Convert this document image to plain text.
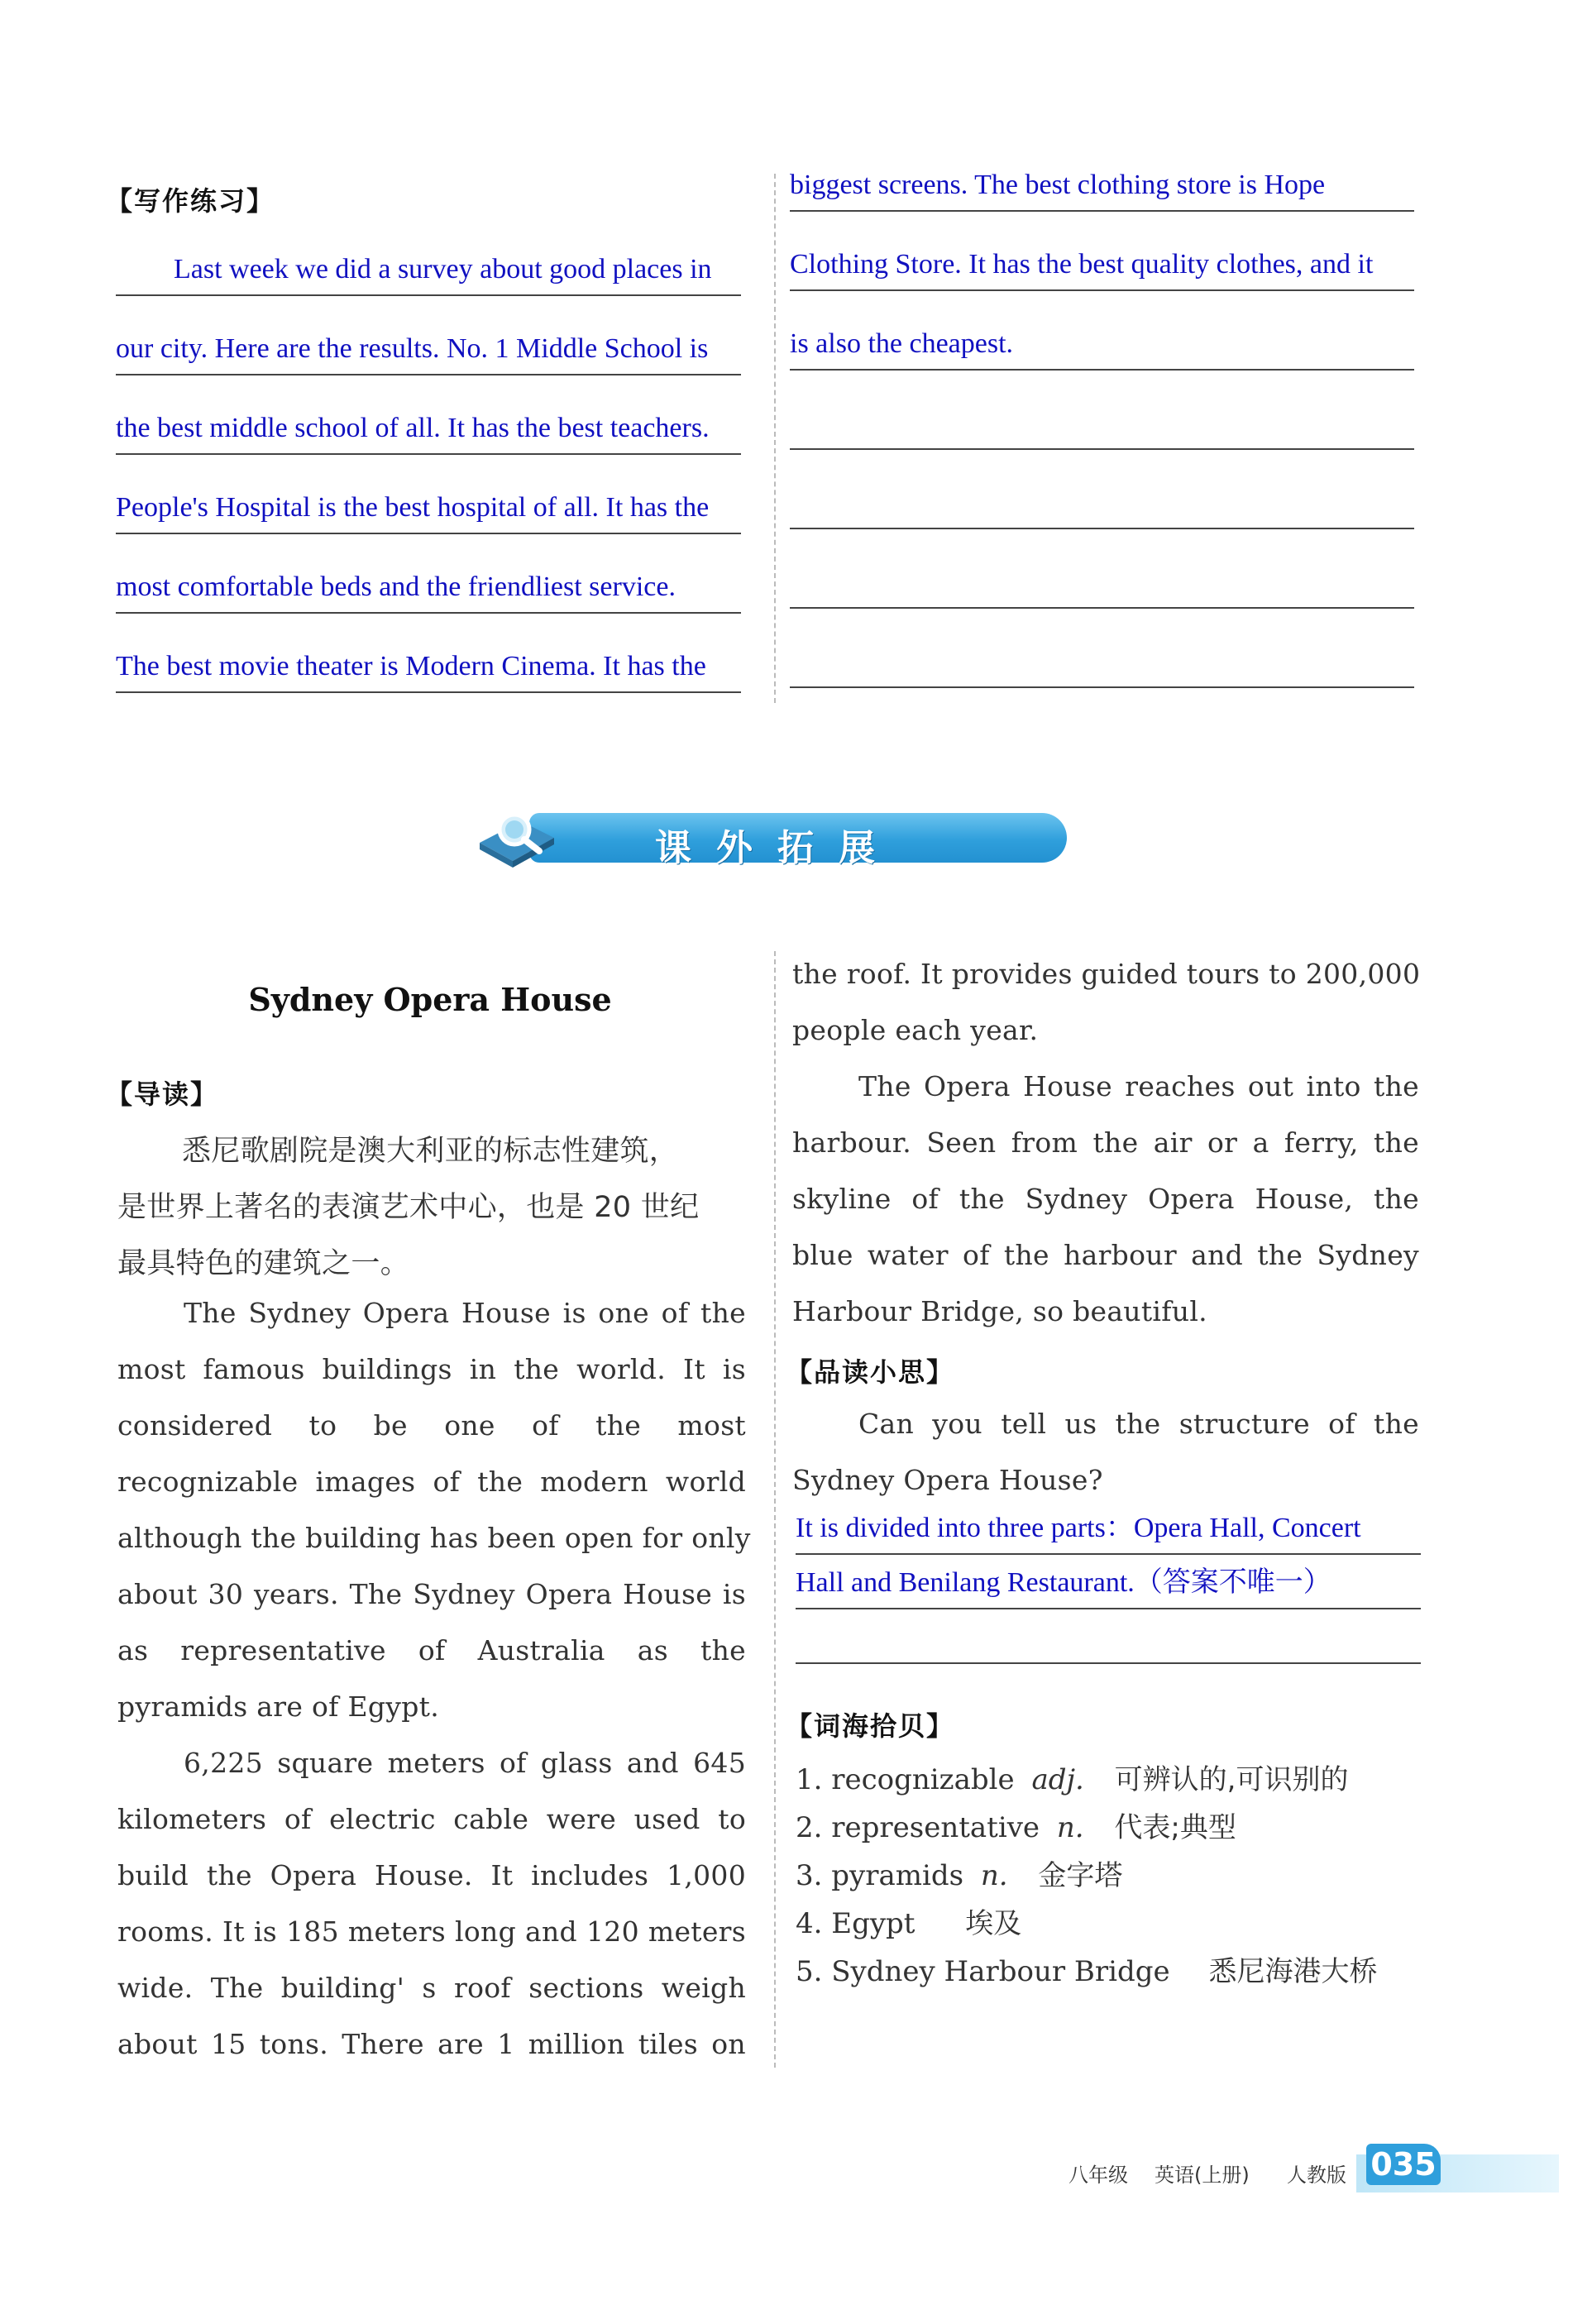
【写作练习】
Last week we did a survey about good places in
our city. Here are the results. No. 1 Middle School is
the best middle school of all. It has the best teachers.
People's Hospital is the best hospital of all. It has the
most comfortable beds and the friendliest service.
The best movie theater is Modern Cinema. It has the
biggest screens. The best clothing store is Hope
Clothing Store. It has the best quality clothes, and it
is also the cheapest.
课外拓展
Sydney Opera House
【导读】
悉尼歌剧院是澳大利亚的标志性建筑，
是世界上著名的表演艺术中心，也是 20 世纪
最具特色的建筑之一。
The Sydney Opera House is one of the
most famous buildings in the world. It is
considered to be one of the most
recognizable images of the modern world
although the building has been open for only
about 30 years. The Sydney Opera House is
as representative of Australia as the
pyramids are of Egypt.
6,225 square meters of glass and 645
kilometers of electric cable were used to
build the Opera House. It includes 1,000
rooms. It is 185 meters long and 120 meters
wide. The building' s roof sections weigh
about 15 tons. There are 1 million tiles on
the roof. It provides guided tours to 200,000
people each year.
The Opera House reaches out into the
harbour. Seen from the air or a ferry, the
skyline of the Sydney Opera House, the
blue water of the harbour and the Sydney
Harbour Bridge, so beautiful.
【品读小思】
Can you tell us the structure of the
Sydney Opera House?
It is divided into three parts：Opera Hall, Concert
Hall and Benilang Restaurant.（答案不唯一）
【词海拾贝】
1. recognizable adj. 可辨认的,可识别的
2. representative n. 代表;典型
3. pyramids n. 金字塔
4. Egypt 埃及
5. Sydney Harbour Bridge 悉尼海港大桥
八年级 英语(上册) 人教版 035
